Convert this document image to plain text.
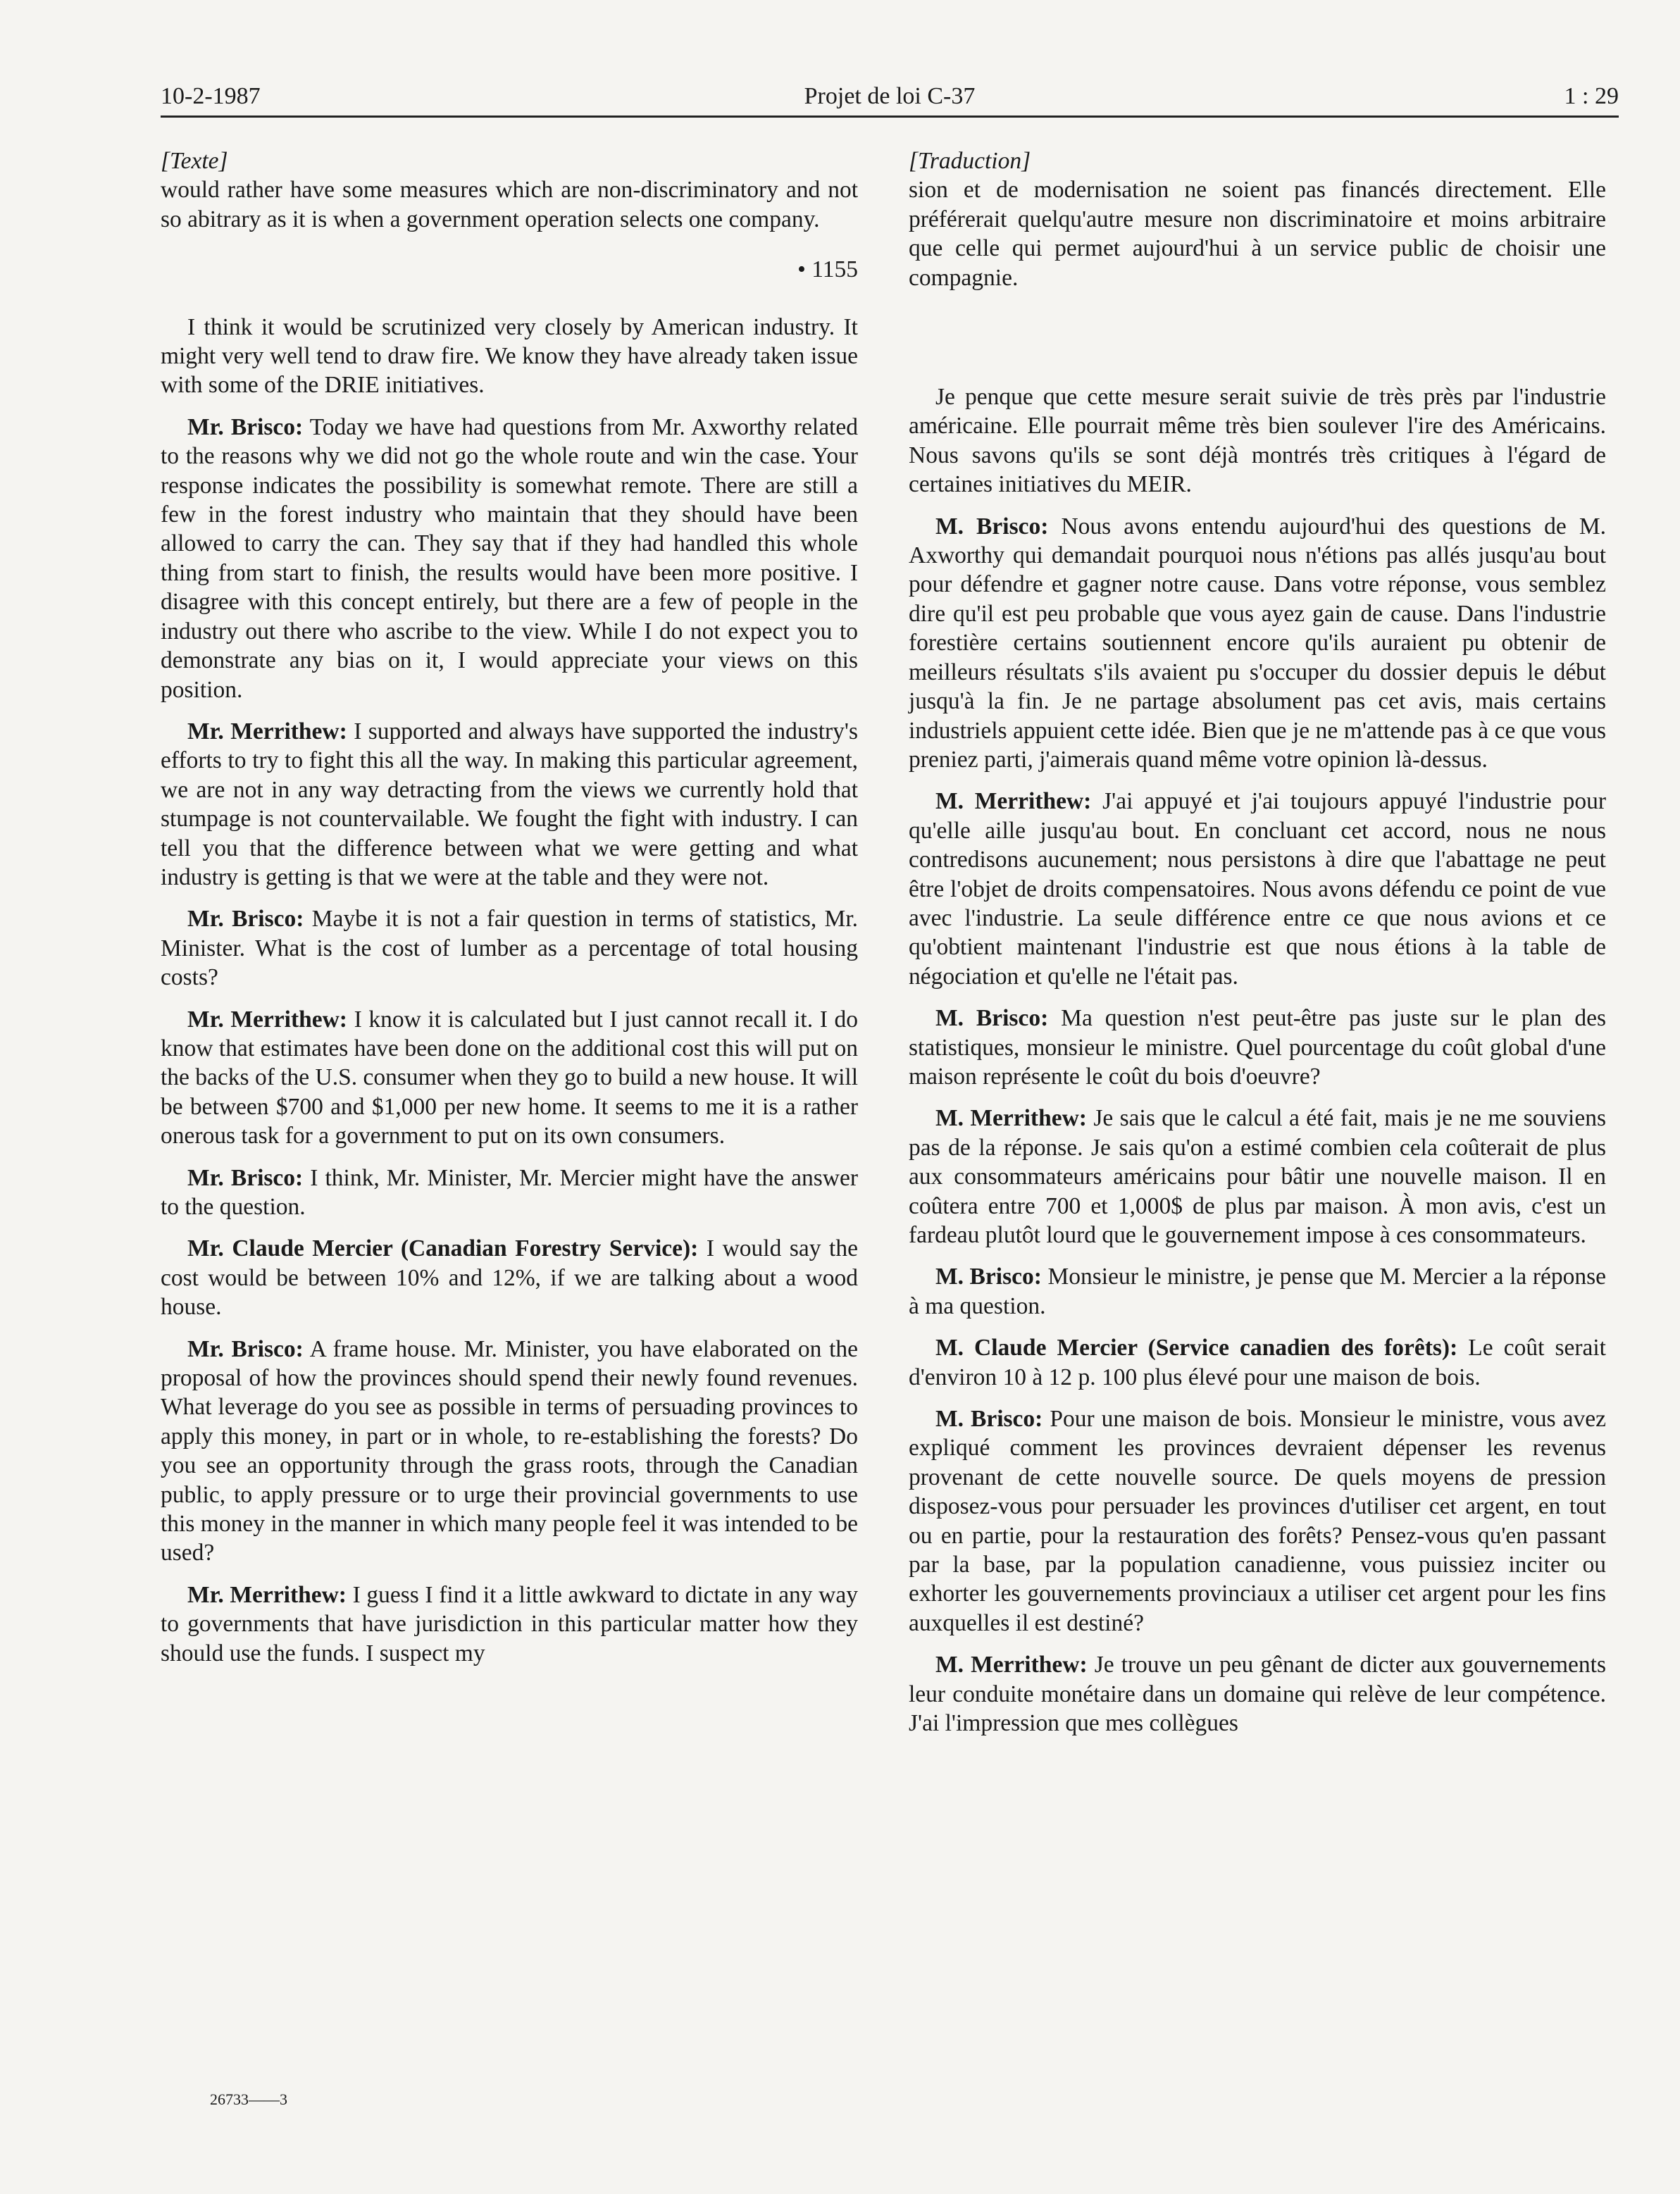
10-2-1987	Projet de loi C-37	1 : 29

[Texte]

would rather have some measures which are non-discriminatory and not so abitrary as it is when a government operation selects one company.

• 1155

I think it would be scrutinized very closely by American industry. It might very well tend to draw fire. We know they have already taken issue with some of the DRIE initiatives.

Mr. Brisco: Today we have had questions from Mr. Axworthy related to the reasons why we did not go the whole route and win the case. Your response indicates the possibility is somewhat remote. There are still a few in the forest industry who maintain that they should have been allowed to carry the can. They say that if they had handled this whole thing from start to finish, the results would have been more positive. I disagree with this concept entirely, but there are a few of people in the industry out there who ascribe to the view. While I do not expect you to demonstrate any bias on it, I would appreciate your views on this position.

Mr. Merrithew: I supported and always have supported the industry's efforts to try to fight this all the way. In making this particular agreement, we are not in any way detracting from the views we currently hold that stumpage is not countervailable. We fought the fight with industry. I can tell you that the difference between what we were getting and what industry is getting is that we were at the table and they were not.

Mr. Brisco: Maybe it is not a fair question in terms of statistics, Mr. Minister. What is the cost of lumber as a percentage of total housing costs?

Mr. Merrithew: I know it is calculated but I just cannot recall it. I do know that estimates have been done on the additional cost this will put on the backs of the U.S. consumer when they go to build a new house. It will be between $700 and $1,000 per new home. It seems to me it is a rather onerous task for a government to put on its own consumers.

Mr. Brisco: I think, Mr. Minister, Mr. Mercier might have the answer to the question.

Mr. Claude Mercier (Canadian Forestry Service): I would say the cost would be between 10% and 12%, if we are talking about a wood house.

Mr. Brisco: A frame house. Mr. Minister, you have elaborated on the proposal of how the provinces should spend their newly found revenues. What leverage do you see as possible in terms of persuading provinces to apply this money, in part or in whole, to re-establishing the forests? Do you see an opportunity through the grass roots, through the Canadian public, to apply pressure or to urge their provincial governments to use this money in the manner in which many people feel it was intended to be used?

Mr. Merrithew: I guess I find it a little awkward to dictate in any way to governments that have jurisdiction in this particular matter how they should use the funds. I suspect my

[Traduction]

sion et de modernisation ne soient pas financés directement. Elle préférerait quelqu'autre mesure non discriminatoire et moins arbitraire que celle qui permet aujourd'hui à un service public de choisir une compagnie.

Je penque que cette mesure serait suivie de très près par l'industrie américaine. Elle pourrait même très bien soulever l'ire des Américains. Nous savons qu'ils se sont déjà montrés très critiques à l'égard de certaines initiatives du MEIR.

M. Brisco: Nous avons entendu aujourd'hui des questions de M. Axworthy qui demandait pourquoi nous n'étions pas allés jusqu'au bout pour défendre et gagner notre cause. Dans votre réponse, vous semblez dire qu'il est peu probable que vous ayez gain de cause. Dans l'industrie forestière certains soutiennent encore qu'ils auraient pu obtenir de meilleurs résultats s'ils avaient pu s'occuper du dossier depuis le début jusqu'à la fin. Je ne partage absolument pas cet avis, mais certains industriels appuient cette idée. Bien que je ne m'attende pas à ce que vous preniez parti, j'aimerais quand même votre opinion là-dessus.

M. Merrithew: J'ai appuyé et j'ai toujours appuyé l'industrie pour qu'elle aille jusqu'au bout. En concluant cet accord, nous ne nous contredisons aucunement; nous persistons à dire que l'abattage ne peut être l'objet de droits compensatoires. Nous avons défendu ce point de vue avec l'industrie. La seule différence entre ce que nous avions et ce qu'obtient maintenant l'industrie est que nous étions à la table de négociation et qu'elle ne l'était pas.

M. Brisco: Ma question n'est peut-être pas juste sur le plan des statistiques, monsieur le ministre. Quel pourcentage du coût global d'une maison représente le coût du bois d'oeuvre?

M. Merrithew: Je sais que le calcul a été fait, mais je ne me souviens pas de la réponse. Je sais qu'on a estimé combien cela coûterait de plus aux consommateurs américains pour bâtir une nouvelle maison. Il en coûtera entre 700 et 1,000$ de plus par maison. À mon avis, c'est un fardeau plutôt lourd que le gouvernement impose à ces consommateurs.

M. Brisco: Monsieur le ministre, je pense que M. Mercier a la réponse à ma question.

M. Claude Mercier (Service canadien des forêts): Le coût serait d'environ 10 à 12 p. 100 plus élevé pour une maison de bois.

M. Brisco: Pour une maison de bois. Monsieur le ministre, vous avez expliqué comment les provinces devraient dépenser les revenus provenant de cette nouvelle source. De quels moyens de pression disposez-vous pour persuader les provinces d'utiliser cet argent, en tout ou en partie, pour la restauration des forêts? Pensez-vous qu'en passant par la base, par la population canadienne, vous puissiez inciter ou exhorter les gouvernements provinciaux a utiliser cet argent pour les fins auxquelles il est destiné?

M. Merrithew: Je trouve un peu gênant de dicter aux gouvernements leur conduite monétaire dans un domaine qui relève de leur compétence. J'ai l'impression que mes collègues

26733——3
